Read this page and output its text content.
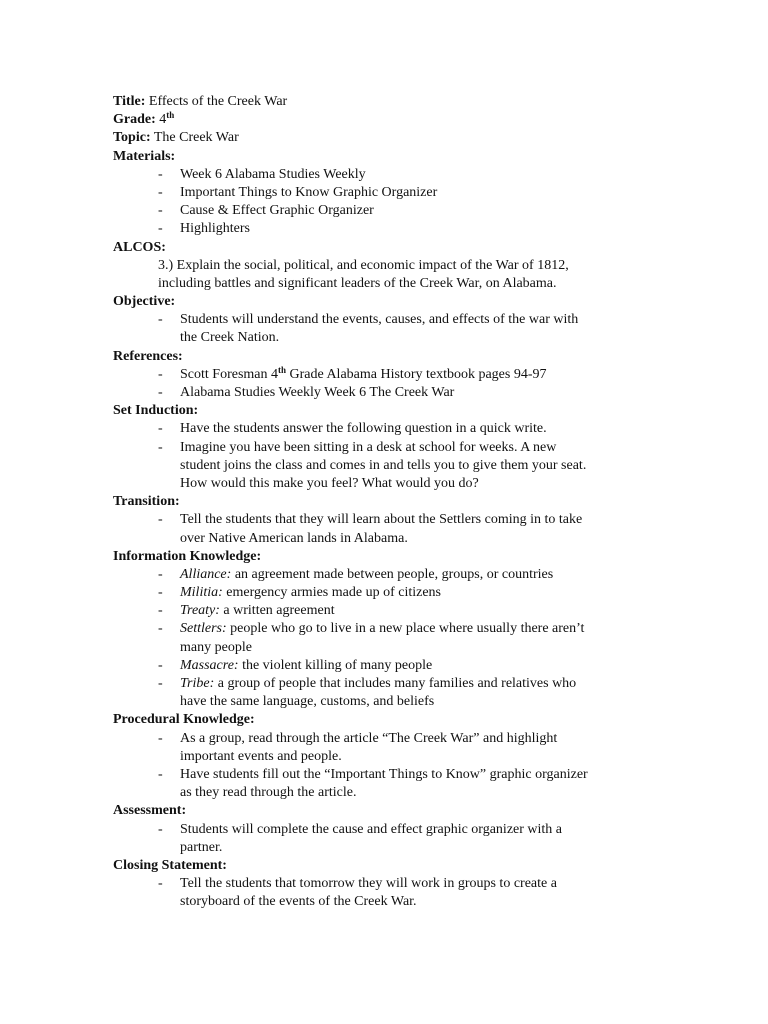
Title: Effects of the Creek War
Grade: 4th
Topic: The Creek War
Materials:
- Week 6 Alabama Studies Weekly
- Important Things to Know Graphic Organizer
- Cause & Effect Graphic Organizer
- Highlighters
ALCOS:
3.) Explain the social, political, and economic impact of the War of 1812,
including battles and significant leaders of the Creek War, on Alabama.
Objective:
- Students will understand the events, causes, and effects of the war with
the Creek Nation.
References:
- Scott Foresman 4th Grade Alabama History textbook pages 94-97
- Alabama Studies Weekly Week 6 The Creek War
Set Induction:
- Have the students answer the following question in a quick write.
- Imagine you have been sitting in a desk at school for weeks. A new
student joins the class and comes in and tells you to give them your seat.
How would this make you feel? What would you do?
Transition:
- Tell the students that they will learn about the Settlers coming in to take
over Native American lands in Alabama.
Information Knowledge:
- Alliance: an agreement made between people, groups, or countries
- Militia: emergency armies made up of citizens
- Treaty: a written agreement
- Settlers: people who go to live in a new place where usually there aren’t
many people
- Massacre: the violent killing of many people
- Tribe: a group of people that includes many families and relatives who
have the same language, customs, and beliefs
Procedural Knowledge:
- As a group, read through the article “The Creek War” and highlight
important events and people.
- Have students fill out the “Important Things to Know” graphic organizer
as they read through the article.
Assessment:
- Students will complete the cause and effect graphic organizer with a
partner.
Closing Statement:
- Tell the students that tomorrow they will work in groups to create a
storyboard of the events of the Creek War.
